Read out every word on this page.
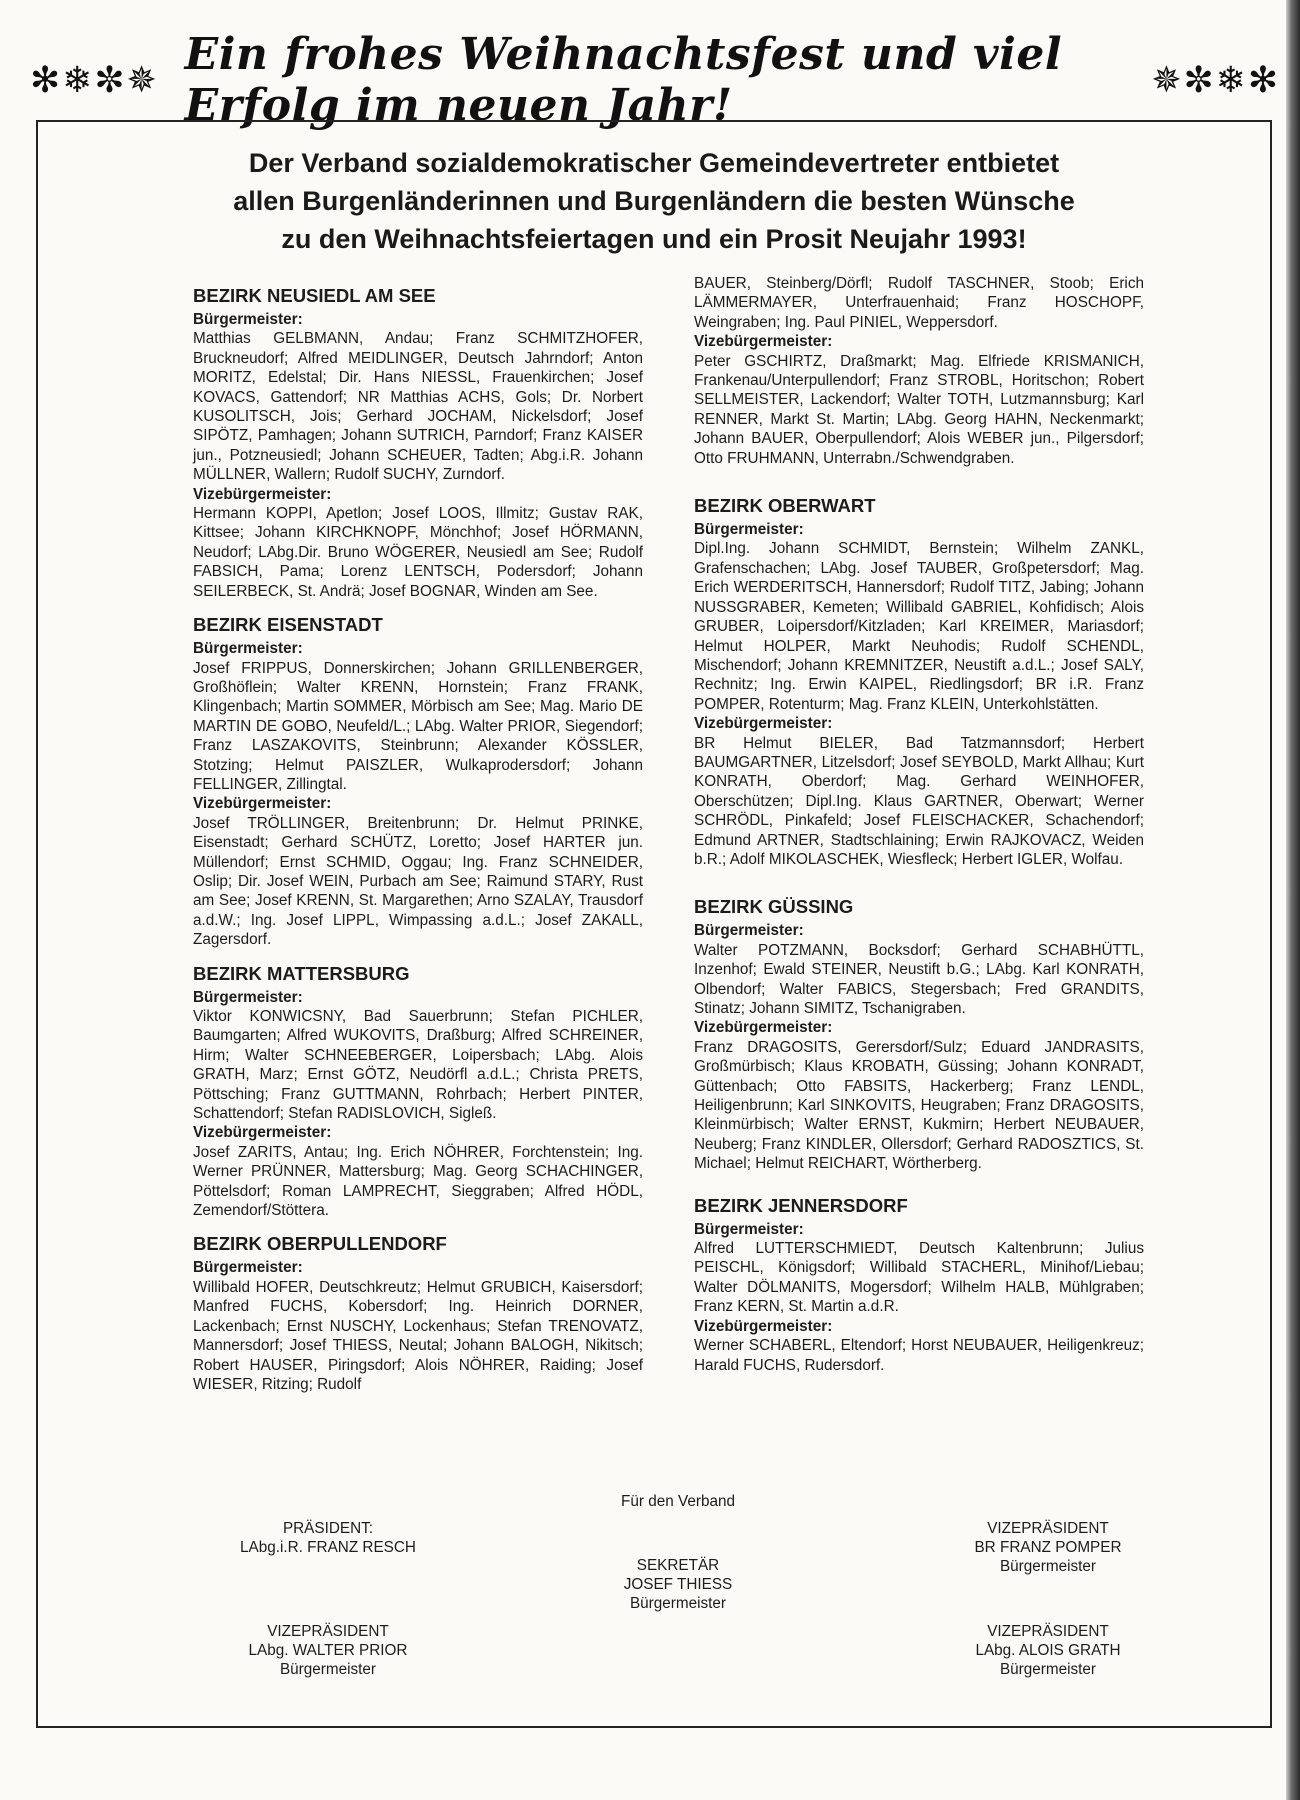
✻❄✼✵ Ein frohes Weihnachtsfest und viel Erfolg im neuen Jahr!	✵✼❄✻
Der Verband sozialdemokratischer Gemeindevertreter entbietet
allen Burgenländerinnen und Burgenländern die besten Wünsche
zu den Weihnachtsfeiertagen und ein Prosit Neujahr 1993!
BEZIRK NEUSIEDL AM SEE
Bürgermeister:
Matthias GELBMANN, Andau; Franz SCHMITZHOFER, Bruckneudorf; Alfred MEIDLINGER, Deutsch Jahrndorf; Anton MORITZ, Edelstal; Dir. Hans NIESSL, Frauenkirchen; Josef KOVACS, Gattendorf; NR Matthias ACHS, Gols; Dr. Norbert KUSOLITSCH, Jois; Gerhard JOCHAM, Nickelsdorf; Josef SIPÖTZ, Pamhagen; Johann SUTRICH, Parndorf; Franz KAISER jun., Potzneusiedl; Johann SCHEUER, Tadten; Abg.i.R. Johann MÜLLNER, Wallern; Rudolf SUCHY, Zurndorf.
Vizebürgermeister:
Hermann KOPPI, Apetlon; Josef LOOS, Illmitz; Gustav RAK, Kittsee; Johann KIRCHKNOPF, Mönchhof; Josef HÖRMANN, Neudorf; LAbg.Dir. Bruno WÖGERER, Neusiedl am See; Rudolf FABSICH, Pama; Lorenz LENTSCH, Podersdorf; Johann SEILERBECK, St. Andrä; Josef BOGNAR, Winden am See.
BEZIRK EISENSTADT
Bürgermeister:
Josef FRIPPUS, Donnerskirchen; Johann GRILLENBERGER, Großhöflein; Walter KRENN, Hornstein; Franz FRANK, Klingenbach; Martin SOMMER, Mörbisch am See; Mag. Mario DE MARTIN DE GOBO, Neufeld/L.; LAbg. Walter PRIOR, Siegendorf; Franz LASZAKOVITS, Steinbrunn; Alexander KÖSSLER, Stotzing; Helmut PAISZLER, Wulkaprodersdorf; Johann FELLINGER, Zillingtal.
Vizebürgermeister:
Josef TRÖLLINGER, Breitenbrunn; Dr. Helmut PRINKE, Eisenstadt; Gerhard SCHÜTZ, Loretto; Josef HARTER jun. Müllendorf; Ernst SCHMID, Oggau; Ing. Franz SCHNEIDER, Oslip; Dir. Josef WEIN, Purbach am See; Raimund STARY, Rust am See; Josef KRENN, St. Margarethen; Arno SZALAY, Trausdorf a.d.W.; Ing. Josef LIPPL, Wimpassing a.d.L.; Josef ZAKALL, Zagersdorf.
BEZIRK MATTERSBURG
Bürgermeister:
Viktor KONWICSNY, Bad Sauerbrunn; Stefan PICHLER, Baumgarten; Alfred WUKOVITS, Draßburg; Alfred SCHREINER, Hirm; Walter SCHNEEBERGER, Loipersbach; LAbg. Alois GRATH, Marz; Ernst GÖTZ, Neudörfl a.d.L.; Christa PRETS, Pöttsching; Franz GUTTMANN, Rohrbach; Herbert PINTER, Schattendorf; Stefan RADISLOVICH, Sigleß.
Vizebürgermeister:
Josef ZARITS, Antau; Ing. Erich NÖHRER, Forchtenstein; Ing. Werner PRÜNNER, Mattersburg; Mag. Georg SCHACHINGER, Pöttelsdorf; Roman LAMPRECHT, Sieggraben; Alfred HÖDL, Zemendorf/Stöttera.
BEZIRK OBERPULLENDORF
Bürgermeister:
Willibald HOFER, Deutschkreutz; Helmut GRUBICH, Kaisersdorf; Manfred FUCHS, Kobersdorf; Ing. Heinrich DORNER, Lackenbach; Ernst NUSCHY, Lockenhaus; Stefan TRENOVATZ, Mannersdorf; Josef THIESS, Neutal; Johann BALOGH, Nikitsch; Robert HAUSER, Piringsdorf; Alois NÖHRER, Raiding; Josef WIESER, Ritzing; Rudolf
BAUER, Steinberg/Dörfl; Rudolf TASCHNER, Stoob; Erich LÄMMERMAYER, Unterfrauenhaid; Franz HOSCHOPF, Weingraben; Ing. Paul PINIEL, Weppersdorf.
Vizebürgermeister:
Peter GSCHIRTZ, Draßmarkt; Mag. Elfriede KRISMANICH, Frankenau/Unterpullendorf; Franz STROBL, Horitschon; Robert SELLMEISTER, Lackendorf; Walter TOTH, Lutzmannsburg; Karl RENNER, Markt St. Martin; LAbg. Georg HAHN, Neckenmarkt; Johann BAUER, Oberpullendorf; Alois WEBER jun., Pilgersdorf; Otto FRUHMANN, Unterrabn./Schwendgraben.
BEZIRK OBERWART
Bürgermeister:
Dipl.Ing. Johann SCHMIDT, Bernstein; Wilhelm ZANKL, Grafenschachen; LAbg. Josef TAUBER, Großpetersdorf; Mag. Erich WERDERITSCH, Hannersdorf; Rudolf TITZ, Jabing; Johann NUSSGRABER, Kemeten; Willibald GABRIEL, Kohfidisch; Alois GRUBER, Loipersdorf/Kitzladen; Karl KREIMER, Mariasdorf; Helmut HOLPER, Markt Neuhodis; Rudolf SCHENDL, Mischendorf; Johann KREMNITZER, Neustift a.d.L.; Josef SALY, Rechnitz; Ing. Erwin KAIPEL, Riedlingsdorf; BR i.R. Franz POMPER, Rotenturm; Mag. Franz KLEIN, Unterkohlstätten.
Vizebürgermeister:
BR Helmut BIELER, Bad Tatzmannsdorf; Herbert BAUMGARTNER, Litzelsdorf; Josef SEYBOLD, Markt Allhau; Kurt KONRATH, Oberdorf; Mag. Gerhard WEINHOFER, Oberschützen; Dipl.Ing. Klaus GARTNER, Oberwart; Werner SCHRÖDL, Pinkafeld; Josef FLEISCHACKER, Schachendorf; Edmund ARTNER, Stadtschlaining; Erwin RAJKOVACZ, Weiden b.R.; Adolf MIKOLASCHEK, Wiesfleck; Herbert IGLER, Wolfau.
BEZIRK GÜSSING
Bürgermeister:
Walter POTZMANN, Bocksdorf; Gerhard SCHABHÜTTL, Inzenhof; Ewald STEINER, Neustift b.G.; LAbg. Karl KONRATH, Olbendorf; Walter FABICS, Stegersbach; Fred GRANDITS, Stinatz; Johann SIMITZ, Tschanigraben.
Vizebürgermeister:
Franz DRAGOSITS, Gerersdorf/Sulz; Eduard JANDRASITS, Großmürbisch; Klaus KROBATH, Güssing; Johann KONRADT, Güttenbach; Otto FABSITS, Hackerberg; Franz LENDL, Heiligenbrunn; Karl SINKOVITS, Heugraben; Franz DRAGOSITS, Kleinmürbisch; Walter ERNST, Kukmirn; Herbert NEUBAUER, Neuberg; Franz KINDLER, Ollersdorf; Gerhard RADOSZTICS, St. Michael; Helmut REICHART, Wörtherberg.
BEZIRK JENNERSDORF
Bürgermeister:
Alfred LUTTERSCHMIEDT, Deutsch Kaltenbrunn; Julius PEISCHL, Königsdorf; Willibald STACHERL, Minihof/Liebau; Walter DÖLMANITS, Mogersdorf; Wilhelm HALB, Mühlgraben; Franz KERN, St. Martin a.d.R.
Vizebürgermeister:
Werner SCHABERL, Eltendorf; Horst NEUBAUER, Heiligenkreuz; Harald FUCHS, Rudersdorf.
Für den Verband
PRÄSIDENT:
LAbg.i.R. FRANZ RESCH
SEKRETÄR
JOSEF THIESS
Bürgermeister
VIZEPRÄSIDENT
BR FRANZ POMPER
Bürgermeister
VIZEPRÄSIDENT
LAbg. WALTER PRIOR
Bürgermeister
VIZEPRÄSIDENT
LAbg. ALOIS GRATH
Bürgermeister
